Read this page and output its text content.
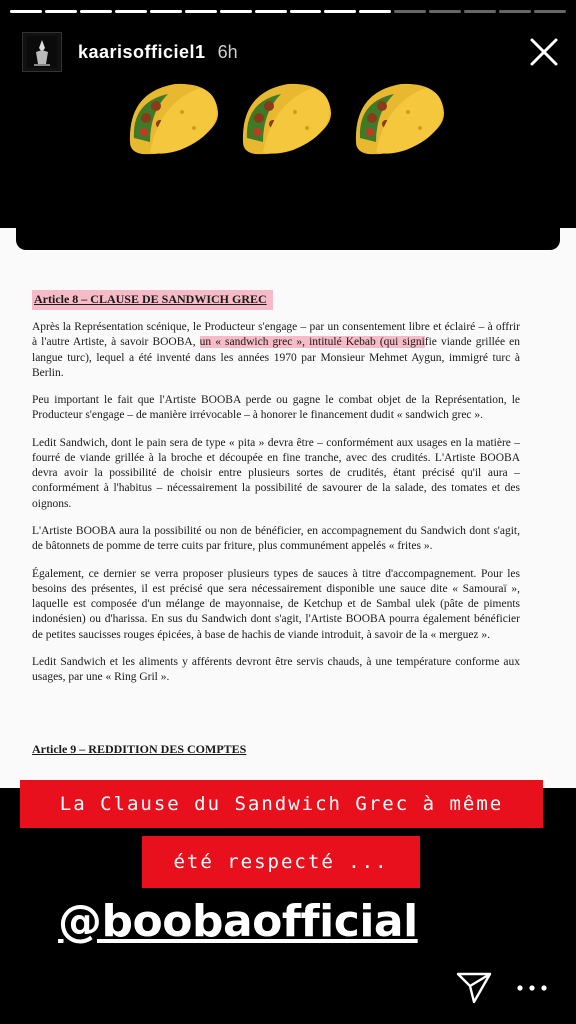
kaarisofficiel1 6h
Article 8 – CLAUSE DE SANDWICH GREC

Après la Représentation scénique, le Producteur s'engage – par un consentement libre et éclairé – à offrir à l'autre Artiste, à savoir BOOBA, un « sandwich grec », intitulé Kebab (qui signifie viande grillée en langue turc), lequel a été inventé dans les années 1970 par Monsieur Mehmet Aygun, immigré turc à Berlin.

Peu important le fait que l'Artiste BOOBA perde ou gagne le combat objet de la Représentation, le Producteur s'engage – de manière irrévocable – à honorer le financement dudit « sandwich grec ».

Ledit Sandwich, dont le pain sera de type « pita » devra être – conformément aux usages en la matière – fourré de viande grillée à la broche et découpée en fine tranche, avec des crudités. L'Artiste BOOBA devra avoir la possibilité de choisir entre plusieurs sortes de crudités, étant précisé qu'il aura – conformément à l'habitus – nécessairement la possibilité de savourer de la salade, des tomates et des oignons.

L'Artiste BOOBA aura la possibilité ou non de bénéficier, en accompagnement du Sandwich dont s'agit, de bâtonnets de pomme de terre cuits par friture, plus communément appelés « frites ».

Également, ce dernier se verra proposer plusieurs types de sauces à titre d'accompagnement. Pour les besoins des présentes, il est précisé que sera nécessairement disponible une sauce dite « Samouraï », laquelle est composée d'un mélange de mayonnaise, de Ketchup et de Sambal ulek (pâte de piments indonésien) ou d'harissa. En sus du Sandwich dont s'agit, l'Artiste BOOBA pourra également bénéficier de petites saucisses rouges épicées, à base de hachis de viande introduit, à savoir de la « merguez ».

Ledit Sandwich et les aliments y afférents devront être servis chauds, à une température conforme aux usages, par une « Ring Gril ».

Article 9 – REDDITION DES COMPTES
La Clause du Sandwich Grec à même
été respecté ...
@boobaofficial
